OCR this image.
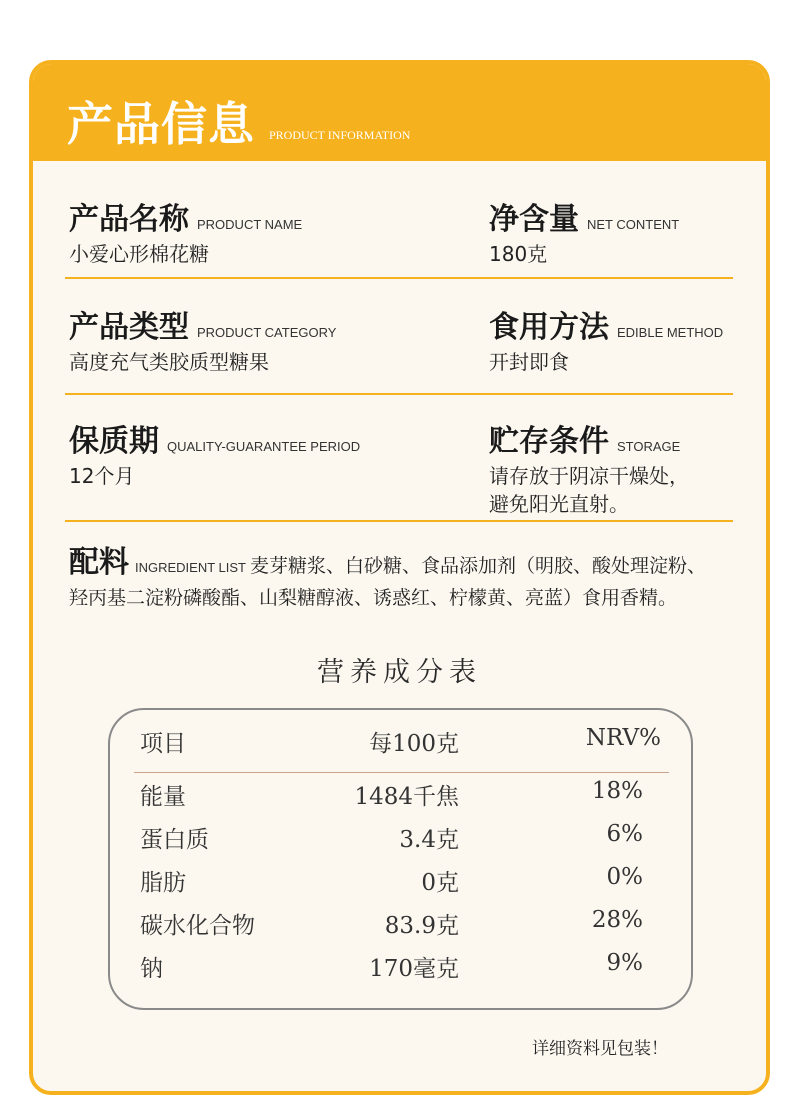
产品信息 PRODUCT INFORMATION
产品名称 PRODUCT NAME
小爱心形棉花糖
净含量 NET CONTENT
180克
产品类型 PRODUCT CATEGORY
高度充气类胶质型糖果
食用方法 EDIBLE METHOD
开封即食
保质期 QUALITY-GUARANTEE PERIOD
12个月
贮存条件 STORAGE
请存放于阴凉干燥处，
避免阳光直射。
配料 INGREDIENT LIST 麦芽糖浆、白砂糖、食品添加剂（明胶、酸处理淀粉、羟丙基二淀粉磷酸酯、山梨糖醇液、诱惑红、柠檬黄、亮蓝）食用香精。
营养成分表
项目	每100克	NRV%
能量	1484千焦	18%
蛋白质	3.4克	6%
脂肪	0克	0%
碳水化合物	83.9克	28%
钠	170毫克	9%
详细资料见包装！
